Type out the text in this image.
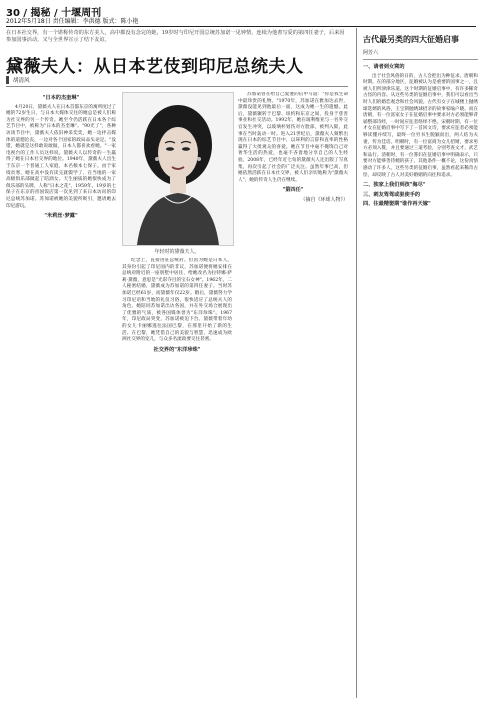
30 / 揭秘 / 十堰周刊
2012年5月18日 责任编辑：李洪德 版式：陈小艳
在日本社交界，有一个堪称传奇的东方美人，高中都没有念完的她，19岁时与印尼开国总统苏加诺一见钟情，连续为他書写爱的第四任妻子，后来因参加国事活动，又与全世界宣示了结下友谊。
黛薇夫人：从日本艺伎到印尼总统夫人
胡清风

"日本的杰奎琳"

4月20日，黛薇夫人在日本首都东京的寓所度过了她的72岁生日，与日本大媒体交往的她总是被人们称为社交界的另一个传奇。她至今仍活跃在日本各个综艺节目中，被称为"日本的杰奎琳"。"90光了"，各种访谈节目中，黛薇夫人依旧神采奕奕，她一边抨击媒体的道德沦丧，一边对各个国家的政局品头论足。"没错，她就是这样敢说敢做，日本人都喜欢看她。"一家电视台的工作人员这样说。黛薇夫人以传奇的一生赢得了她在日本社交界的地位。1940年，黛薇夫人出生于东京一个普通工人家庭，本名根本七保子。由于家境贫寒，她在高中没有读完就辍学了，在当地的一家高级俱乐部做起了陪酒女。天生丽质的她很快成为了俱乐部的头牌，人称"日本之花"。1959年，19岁的七保子在东京的帝国饭店第一次见到了来日本访问的印尼总统苏加诺。苏加诺被她的美貌所吸引，邀请她去印尼游玩。

"米莉丝·梦露"

年轻时的黛薇夫人。

纪念上，直接进驻总统府。但因为她是日本人，其身份引起了印尼国内的非议，苏加诺便将她安排在总统府附近的一座别墅中居住，给她改名为拉特娜·萨莉·黛薇，意思是"光彩夺目的宝石女神"。1962年，二人秘密结婚，黛薇成为苏加诺的第四任妻子。当时苏加诺已经61岁，而黛薇年仅22岁。婚后，黛薇努力学习印尼语和当地的礼仪习俗，很快适应了总统夫人的角色。她陪同苏加诺出访各国，并在外交场合展现出了优雅的气质，被各国媒体誉为"东洋珍珠"。1967年，印尼政局突变，苏加诺被迫下台。黛薇带着年幼的女儿卡丽娜逃往法国巴黎，在那里开始了新的生活。在巴黎，她凭借自己的美貌与智慧，迅速成为欧洲社交界的宠儿，与众多名流政要交往甚密。

社交界的"东洋珍珠"

苏加诺曾在给自己爱妻的信中写道："你是我生命中最珍贵的礼物。"1970年，苏加诺在雅加达去世，黛薇没能见到他最后一面，这成为她一生的遗憾。此后，黛薇辗转于巴黎、纽约和东京之间，投身于慈善事业和社交活动。1992年，她在玻利维亚与一名外交官发生冲突，以玻璃杯划伤对方脸部，被判入狱，此事在当时轰动一时。进入21世纪后，黛薇夫人频繁出现在日本的综艺节目中，以犀利的言辞和直率的性格赢得了大批观众的喜爱。她在节目中毫不掩饰自己对奢华生活的热爱，也毫不吝啬地分享自己的人生经验。2008年，已经年近七旬的黛薇夫人还出版了写真集，再次引起了社会的广泛关注。虽然年事已高，但她依然活跃在日本社交界，被人们亲切地称为"黛薇夫人"，她的传奇人生仍在继续。

"第四任"

（摘自《环球人物》）
古代最另类的四大征婚启事
阿芳六

一、请者到女窝的

出于社会风俗的日的，古人会把出为种征求。唐朝和时期，在的部分地区，征婚被认为是重要的国事之一，且被人们所津津乐道。这个时期的征婚启事中，有许多稀奇古怪的内容。从这些另类的征婚启事中，我们可以看出当时人们的婚恋观念和社会风貌。古代有女子在城楼上抛绣球选婿的风俗，王宝钏抛绣球招亲的故事家喻户晓。而在唐朝，有一位富家女子在征婚启事中要求对方必须能够背诵整部诗经，一时间应征者络绎不绝。宋朝时期，有一位才女在征婚启事中写下了一首回文诗，要求应征者必须能够读懂并续写，最终一位穷书生脱颖而出，两人结为夫妻，传为佳话。明朝时，有一位富商为女儿招婿，要求男方必须入赘，并且要通过三道考验，分别考查文才、武艺和品行。清朝时，有一位寡妇在征婚启事中明确表示，只要对方能够善待她的孩子，其他条件一概不论，这份真情感动了许多人。这些另类的征婚启事，虽然看起来稀奇古怪，却反映了古人对美好婚姻的向往和追求。

二、独家上我们到孩"海尽"

三、刺友驾驾或驱使手的

四、往最精娶期"谁作再天嫁"
